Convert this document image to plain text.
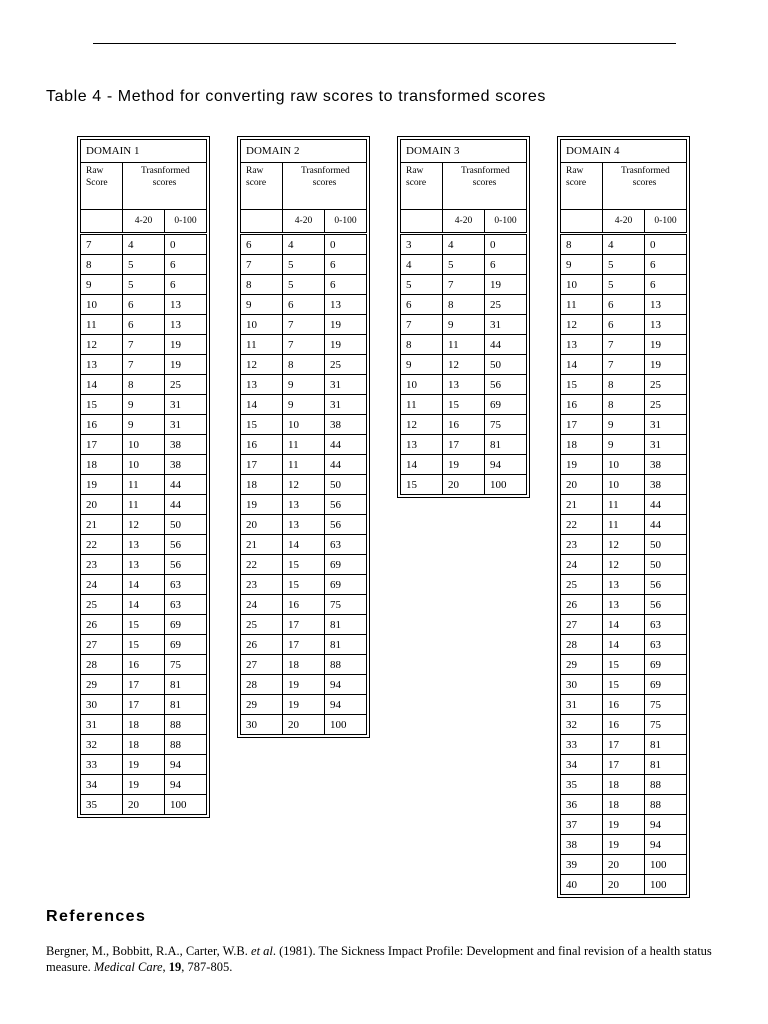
Table 4 - Method for converting raw scores to transformed scores
DOMAIN 1		
Raw Score	Trasnformed scores	
	4-20	0-100
7	4	0
8	5	6
9	5	6
10	6	13
11	6	13
12	7	19
13	7	19
14	8	25
15	9	31
16	9	31
17	10	38
18	10	38
19	11	44
20	11	44
21	12	50
22	13	56
23	13	56
24	14	63
25	14	63
26	15	69
27	15	69
28	16	75
29	17	81
30	17	81
31	18	88
32	18	88
33	19	94
34	19	94
35	20	100
DOMAIN 2		
Raw score	Trasnformed scores	
	4-20	0-100
6	4	0
7	5	6
8	5	6
9	6	13
10	7	19
11	7	19
12	8	25
13	9	31
14	9	31
15	10	38
16	11	44
17	11	44
18	12	50
19	13	56
20	13	56
21	14	63
22	15	69
23	15	69
24	16	75
25	17	81
26	17	81
27	18	88
28	19	94
29	19	94
30	20	100
DOMAIN 3		
Raw score	Trasnformed scores	
	4-20	0-100
3	4	0
4	5	6
5	7	19
6	8	25
7	9	31
8	11	44
9	12	50
10	13	56
11	15	69
12	16	75
13	17	81
14	19	94
15	20	100
DOMAIN 4		
Raw score	Trasnformed scores	
	4-20	0-100
8	4	0
9	5	6
10	5	6
11	6	13
12	6	13
13	7	19
14	7	19
15	8	25
16	8	25
17	9	31
18	9	31
19	10	38
20	10	38
21	11	44
22	11	44
23	12	50
24	12	50
25	13	56
26	13	56
27	14	63
28	14	63
29	15	69
30	15	69
31	16	75
32	16	75
33	17	81
34	17	81
35	18	88
36	18	88
37	19	94
38	19	94
39	20	100
40	20	100
References

Bergner, M., Bobbitt, R.A., Carter, W.B. et al. (1981). The Sickness Impact Profile: Development and final revision of a health status measure. Medical Care, 19, 787-805.
